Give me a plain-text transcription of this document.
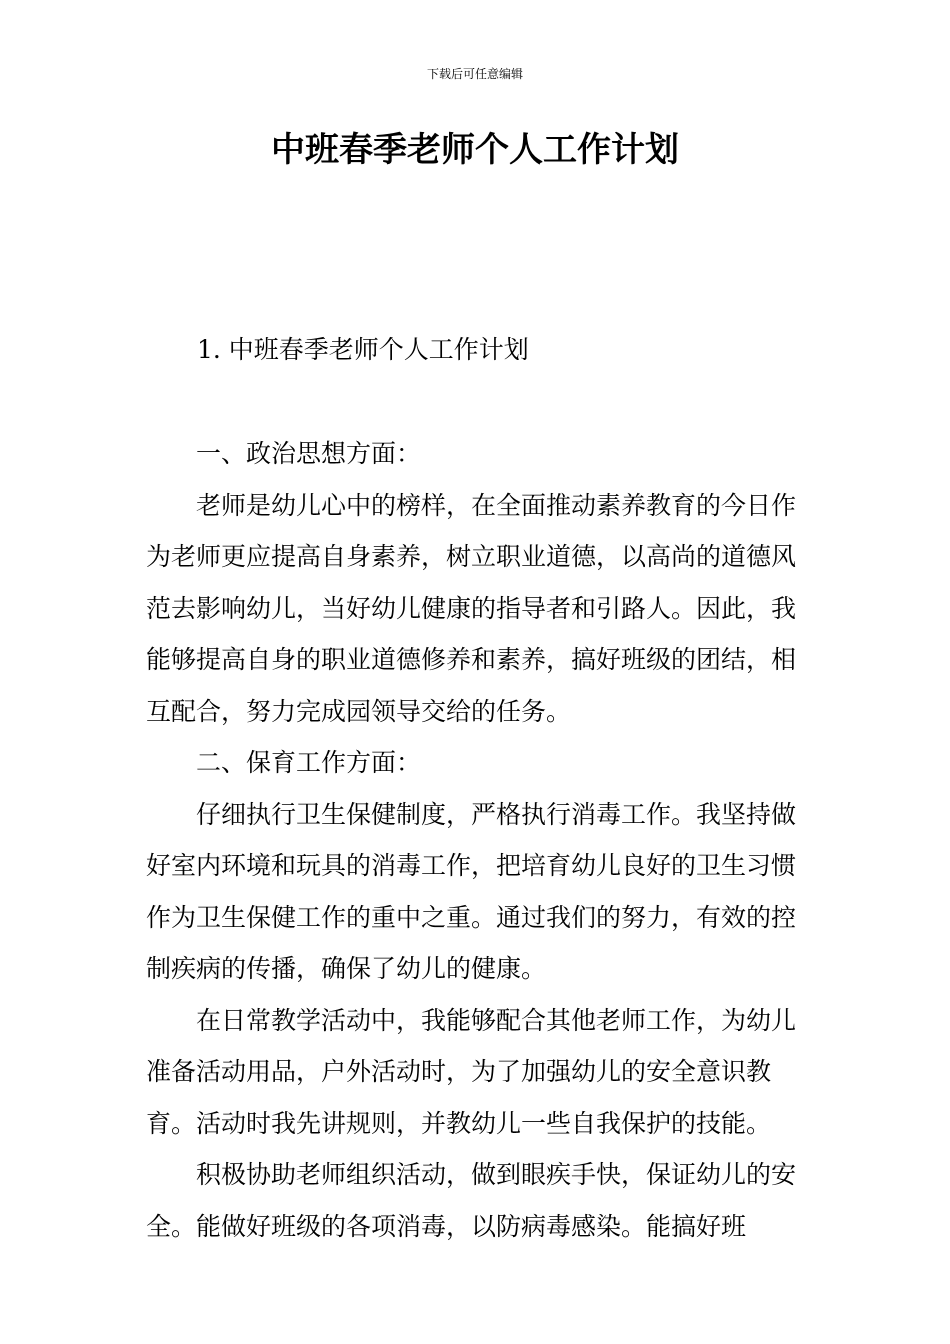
下载后可任意编辑
中班春季老师个人工作计划
1. 中班春季老师个人工作计划

一、政治思想方面：

老师是幼儿心中的榜样，在全面推动素养教育的今日作为老师更应提高自身素养，树立职业道德，以高尚的道德风范去影响幼儿，当好幼儿健康的指导者和引路人。因此，我能够提高自身的职业道德修养和素养，搞好班级的团结，相互配合，努力完成园领导交给的任务。

二、保育工作方面：

仔细执行卫生保健制度，严格执行消毒工作。我坚持做好室内环境和玩具的消毒工作，把培育幼儿良好的卫生习惯作为卫生保健工作的重中之重。通过我们的努力，有效的控制疾病的传播，确保了幼儿的健康。

在日常教学活动中，我能够配合其他老师工作，为幼儿准备活动用品，户外活动时，为了加强幼儿的安全意识教育。活动时我先讲规则，并教幼儿一些自我保护的技能。

积极协助老师组织活动，做到眼疾手快，保证幼儿的安全。能做好班级的各项消毒，以防病毒感染。能搞好班
